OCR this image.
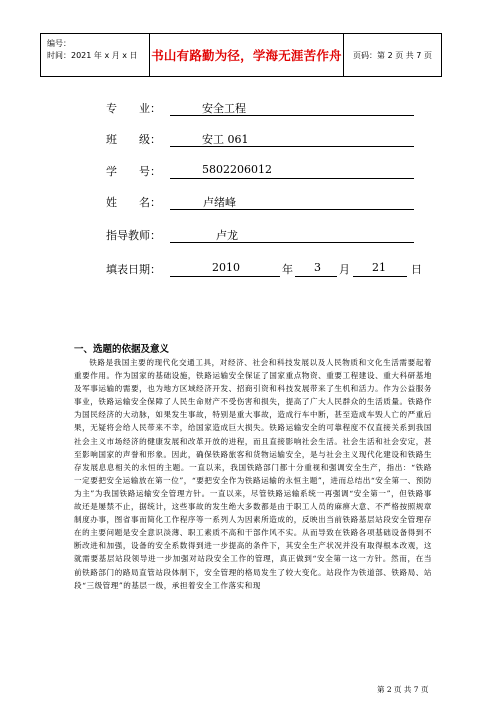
编号：
时间：2021 年 x 月 x 日	书山有路勤为径，学海无涯苦作舟	页码：第 2 页 共 7 页
专　　业：	安全工程
班　　级：	安工 061
学　　号：	5802206012
姓　　名：	卢绪峰
指导教师：	卢龙
填表日期：	2010	年 3 月 21 日
一、选题的依据及意义

铁路是我国主要的现代化交通工具，对经济、社会和科技发展以及人民物质和文化生活需要起着重要作用。作为国家的基础设施，铁路运输安全保证了国家重点物资、重要工程建设、重大科研基地及军事运输的需要，也为地方区域经济开发、招商引资和科技发展带来了生机和活力。作为公益服务事业，铁路运输安全保障了人民生命财产不受伤害和损失，提高了广大人民群众的生活质量。铁路作为国民经济的大动脉，如果发生事故，特别是重大事故，造成行车中断，甚至造成车毁人亡的严重后果，无疑将会给人民带来不幸，给国家造成巨大损失。铁路运输安全的可靠程度不仅直接关系到我国社会主义市场经济的健康发展和改革开放的进程，而且直接影响社会生活。社会生活和社会安定，甚至影响国家的声誉和形象。因此，确保铁路旅客和货物运输安全，是与社会主义现代化建设和铁路生存发展息息相关的永恒的主题。一直以来，我国铁路部门都十分重视和强调安全生产，指出：“铁路一定要把安全运输放在第一位”，“要把安全作为铁路运输的永恒主题”，进而总结出“安全第一、预防为主”为我国铁路运输安全管理方针。一直以来，尽管铁路运输系统一再强调“安全第一”，但铁路事故还是屡禁不止，据统计，这些事故的发生绝大多数都是由于职工人员的麻痹大意、不严格按照规章制度办事，图省事而简化工作程序等一系列人为因素所造成的，反映出当前铁路基层站段安全管理存在的主要问题是安全意识淡薄、职工素质不高和干部作风不实。从而导致在铁路各项基础设备得到不断改进和加强，设备的安全系数得到进一步提高的条件下，其安全生产状况并没有取得根本改观，这就需要基层站段领导进一步加强对站段安全工作的管理，真正做到“安全第一这一方针。然而，在当前铁路部门的路局直管站段体制下，安全管理的格局发生了较大变化。站段作为铁道部、铁路局、站段“三级管理”的基层一级，承担着安全工作落实和现

第 2 页 共 7 页
